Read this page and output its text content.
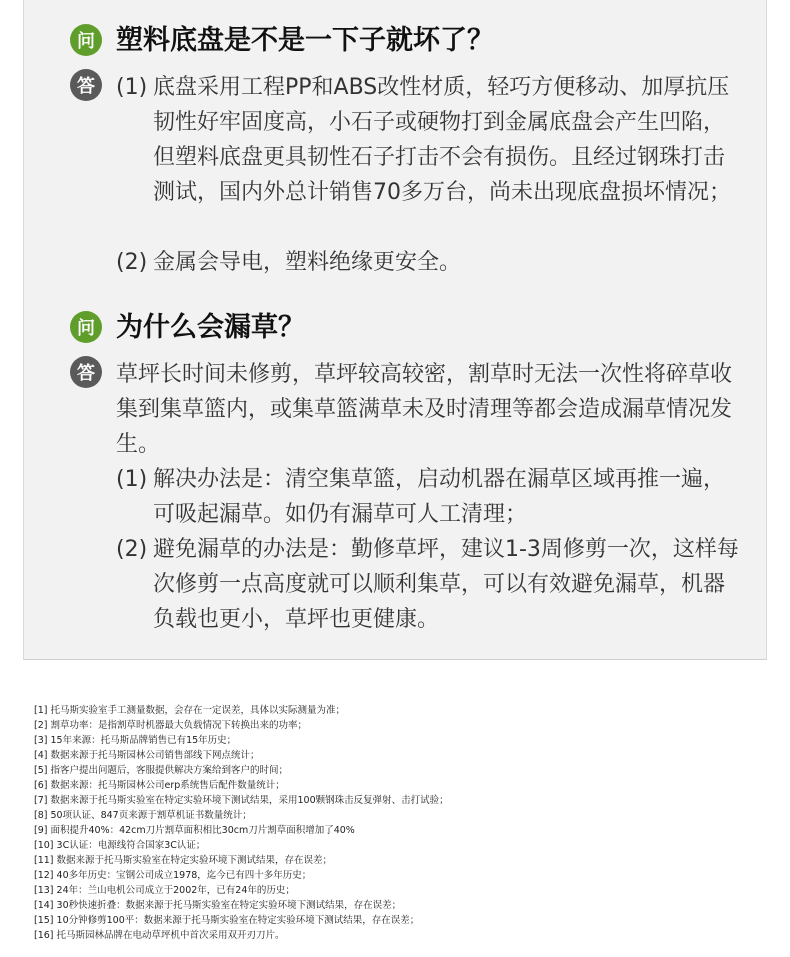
问 塑料底盘是不是一下子就坏了？
答 (1) 底盘采用工程PP和ABS改性材质，轻巧方便移动、加厚抗压韧性好牢固度高，小石子或硬物打到金属底盘会产生凹陷，但塑料底盘更具韧性石子打击不会有损伤。且经过钢珠打击测试，国内外总计销售70多万台，尚未出现底盘损坏情况；
(2) 金属会导电，塑料绝缘更安全。
问 为什么会漏草？
答 草坪长时间未修剪，草坪较高较密，割草时无法一次性将碎草收集到集草篮内，或集草篮满草未及时清理等都会造成漏草情况发生。
(1) 解决办法是：清空集草篮，启动机器在漏草区域再推一遍，可吸起漏草。如仍有漏草可人工清理；
(2) 避免漏草的办法是：勤修草坪，建议1-3周修剪一次，这样每次修剪一点高度就可以顺利集草，可以有效避免漏草，机器负载也更小，草坪也更健康。
[1] 托马斯实验室手工测量数据，会存在一定误差，具体以实际测量为准；
[2] 割草功率：是指割草时机器最大负载情况下转换出来的功率；
[3] 15年来源：托马斯品牌销售已有15年历史；
[4] 数据来源于托马斯园林公司销售部线下网点统计；
[5] 指客户提出问题后，客服提供解决方案给到客户的时间；
[6] 数据来源：托马斯园林公司erp系统售后配件数量统计；
[7] 数据来源于托马斯实验室在特定实验环境下测试结果，采用100颗钢珠击反复弹射、击打试验；
[8] 50项认证、847页来源于割草机证书数量统计；
[9] 面积提升40%：42cm刀片割草面积相比30cm刀片割草面积增加了40%
[10] 3C认证：电源线符合国家3C认证；
[11] 数据来源于托马斯实验室在特定实验环境下测试结果，存在误差；
[12] 40多年历史：宝钢公司成立1978，迄今已有四十多年历史；
[13] 24年：兰山电机公司成立于2002年，已有24年的历史；
[14] 30秒快速折叠：数据来源于托马斯实验室在特定实验环境下测试结果，存在误差；
[15] 10分钟修剪100平：数据来源于托马斯实验室在特定实验环境下测试结果，存在误差；
[16] 托马斯园林品牌在电动草坪机中首次采用双开刃刀片。
